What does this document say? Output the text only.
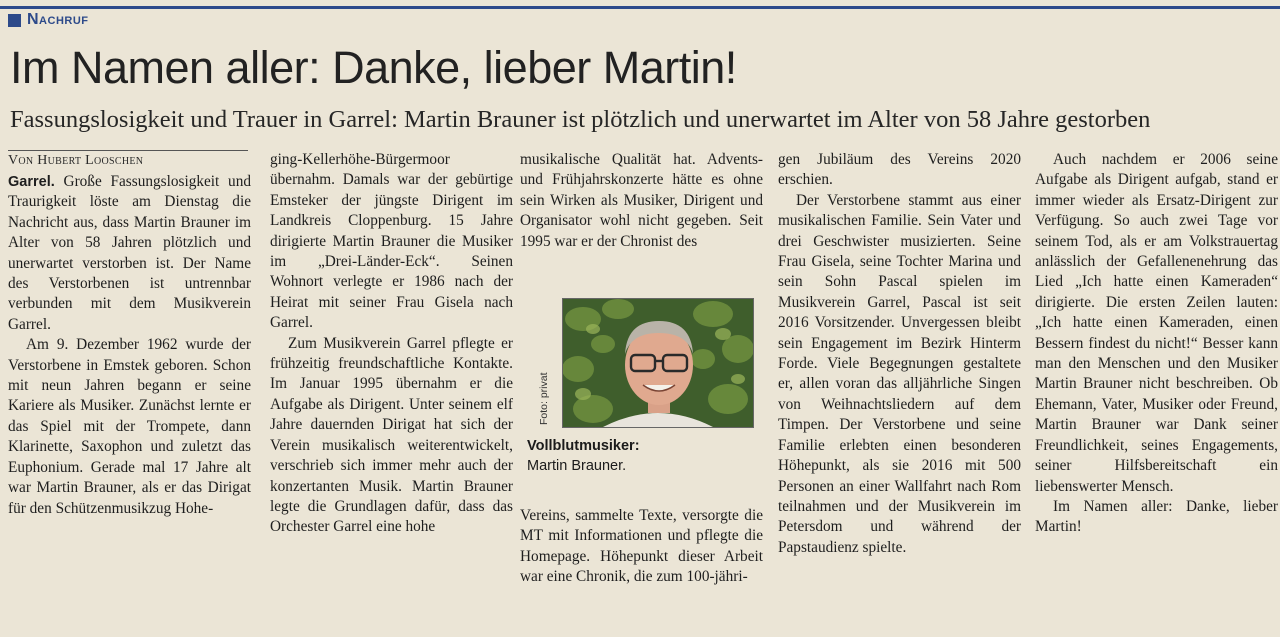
Nachruf
Im Namen aller: Danke, lieber Martin!
Fassungslosigkeit und Trauer in Garrel: Martin Brauner ist plötzlich und unerwartet im Alter von 58 Jahre gestorben
Von Hubert Looschen

Garrel. Große Fassungslosigkeit und Traurigkeit löste am Dienstag die Nachricht aus, dass Martin Brauner im Alter von 58 Jahren plötzlich und unerwartet verstorben ist. Der Name des Verstorbenen ist untrennbar verbunden mit dem Musikverein Garrel.

Am 9. Dezember 1962 wurde der Verstorbene in Emstek geboren. Schon mit neun Jahren begann er seine Kariere als Musiker. Zunächst lernte er das Spiel mit der Trompete, dann Klarinette, Saxophon und zuletzt das Euphonium. Gerade mal 17 Jahre alt war Martin Brauner, als er das Dirigat für den Schützenmusikzug Hohe-

ging-Kellerhöhe-Bürgermoor übernahm. Damals war der gebürtige Emsteker der jüngste Dirigent im Landkreis Cloppenburg. 15 Jahre dirigierte Martin Brauner die Musiker im „Drei-Länder-Eck“. Seinen Wohnort verlegte er 1986 nach der Heirat mit seiner Frau Gisela nach Garrel.

Zum Musikverein Garrel pflegte er frühzeitig freundschaftliche Kontakte. Im Januar 1995 übernahm er die Aufgabe als Dirigent. Unter seinem elf Jahre dauernden Dirigat hat sich der Verein musikalisch weiterentwickelt, verschrieb sich immer mehr auch der konzertanten Musik. Martin Brauner legte die Grundlagen dafür, dass das Orchester Garrel eine hohe

musikalische Qualität hat. Advents- und Frühjahrskonzerte hätte es ohne sein Wirken als Musiker, Dirigent und Organisator wohl nicht gegeben. Seit 1995 war er der Chronist des

Foto: privat
Vollblutmusiker:
Martin Brauner.

Vereins, sammelte Texte, versorgte die MT mit Informationen und pflegte die Homepage. Höhepunkt dieser Arbeit war eine Chronik, die zum 100-jähri-

gen Jubiläum des Vereins 2020 erschien.

Der Verstorbene stammt aus einer musikalischen Familie. Sein Vater und drei Geschwister musizierten. Seine Frau Gisela, seine Tochter Marina und sein Sohn Pascal spielen im Musikverein Garrel, Pascal ist seit 2016 Vorsitzender. Unvergessen bleibt sein Engagement im Bezirk Hinterm Forde. Viele Begegnungen gestaltete er, allen voran das alljährliche Singen von Weihnachtsliedern auf dem Timpen. Der Verstorbene und seine Familie erlebten einen besonderen Höhepunkt, als sie 2016 mit 500 Personen an einer Wallfahrt nach Rom teilnahmen und der Musikverein im Petersdom und während der Papstaudienz spielte.

Auch nachdem er 2006 seine Aufgabe als Dirigent aufgab, stand er immer wieder als Ersatz-Dirigent zur Verfügung. So auch zwei Tage vor seinem Tod, als er am Volkstrauertag anlässlich der Gefallenenehrung das Lied „Ich hatte einen Kameraden“ dirigierte. Die ersten Zeilen lauten: „Ich hatte einen Kameraden, einen Bessern findest du nicht!“ Besser kann man den Menschen und den Musiker Martin Brauner nicht beschreiben. Ob Ehemann, Vater, Musiker oder Freund, Martin Brauner war Dank seiner Freundlichkeit, seines Engagements, seiner Hilfsbereitschaft ein liebenswerter Mensch.

Im Namen aller: Danke, lieber Martin!
